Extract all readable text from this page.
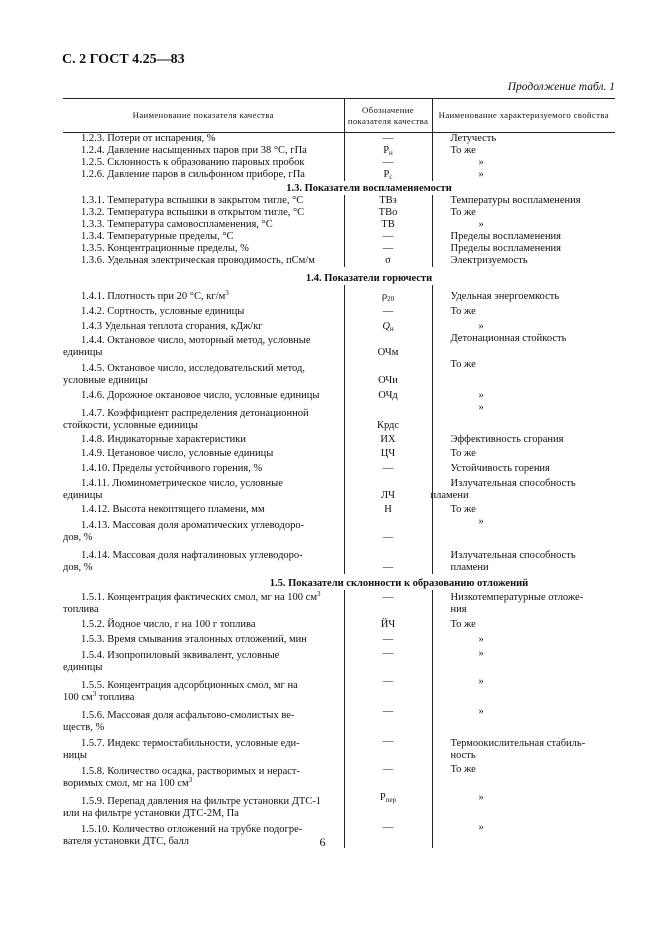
С. 2 ГОСТ 4.25—83
Продолжение табл. 1
Наименование показателя качества	Обозначение показателя качества	Наименование характеризуемого свойства
1.2.3. Потери от испарения, %	—	Летучесть
1.2.4. Давление насыщенных паров при 38 °С, гПа	$Р_н$	То же
1.2.5. Склонность к образованию паровых пробок	—	»
1.2.6. Давление паров в сильфонном приборе, гПа	$Р_с$	»
1.3. Показатели воспламеняемости		
1.3.1. Температура вспышки в закрытом тигле, °С	ТВз	Температуры воспламенения
1.3.2. Температура вспышки в открытом тигле, °С	ТВо	То же
1.3.3. Температура самовоспламенения, °С	ТВ	»
1.3.4. Температурные пределы, °С	—	Пределы воспламенения
1.3.5. Концентрационные пределы, %	—	Пределы воспламенения
1.3.6. Удельная электрическая проводимость, пСм/м	σ	Электризуемость
1.4. Показатели горючести		
1.4.1. Плотность при 20 °С, $кг/м^3$	$\rho_{20}$	Удельная энергоемкость
1.4.2. Сортность, условные единицы	—	То же
1.4.3 Удельная теплота сгорания, кДж/кг	$Q_н$	»
1.4.4. Октановое число, моторный метод, условные
единицы	ОЧм	Детонационная стойкость
1.4.5. Октановое число, исследовательский метод,
условные единицы	ОЧи	То же
1.4.6. Дорожное октановое число, условные единицы	ОЧд	»
1.4.7. Коэффициент распределения детонационной
стойкости, условные единицы	Крдс	»
1.4.8. Индикаторные характеристики	ИХ	Эффективность сгорания
1.4.9. Цетановое число, условные единицы	ЦЧ	То же
1.4.10. Пределы устойчивого горения, %	—	Устойчивость горения
1.4.11. Люминометрическое число, условные
единицы	ЛЧ	Излучательная способность
пламени
1.4.12. Высота некоптящего пламени, мм	Н	То же
1.4.13. Массовая доля ароматических углеводоро-
дов, %	—	»
1.4.14. Массовая доля нафталиновых углеводоро-
дов, %	—	Излучательная способность
пламени
1.5. Показатели склонности к образованию отложений		
1.5.1. Концентрация фактических смол, мг на 100 $см^3$
топлива	—	Низкотемпературные отложе-
ния
1.5.2. Йодное число, г на 100 г топлива	ЙЧ	То же
1.5.3. Время смывания эталонных отложений, мин	—	»
1.5.4. Изопропиловый эквивалент, условные
единицы	—	»
1.5.5. Концентрация адсорбционных смол, мг на
100 $см^3$ топлива	—	»
1.5.6. Массовая доля асфальтово-смолистых ве-
ществ, %	—	»
1.5.7. Индекс термостабильности, условные еди-
ницы	—	Термоокислительная стабиль-
ность
1.5.8. Количество осадка, растворимых и нераст-
воримых смол, мг на 100 $см^3$	—	То же
1.5.9. Перепад давления на фильтре установки ДТС-1
или на фильтре установки ДТС-2М, Па	$Р_{пер}$	»
1.5.10. Количество отложений на трубке подогре-
вателя установки ДТС, балл	—	»
6
